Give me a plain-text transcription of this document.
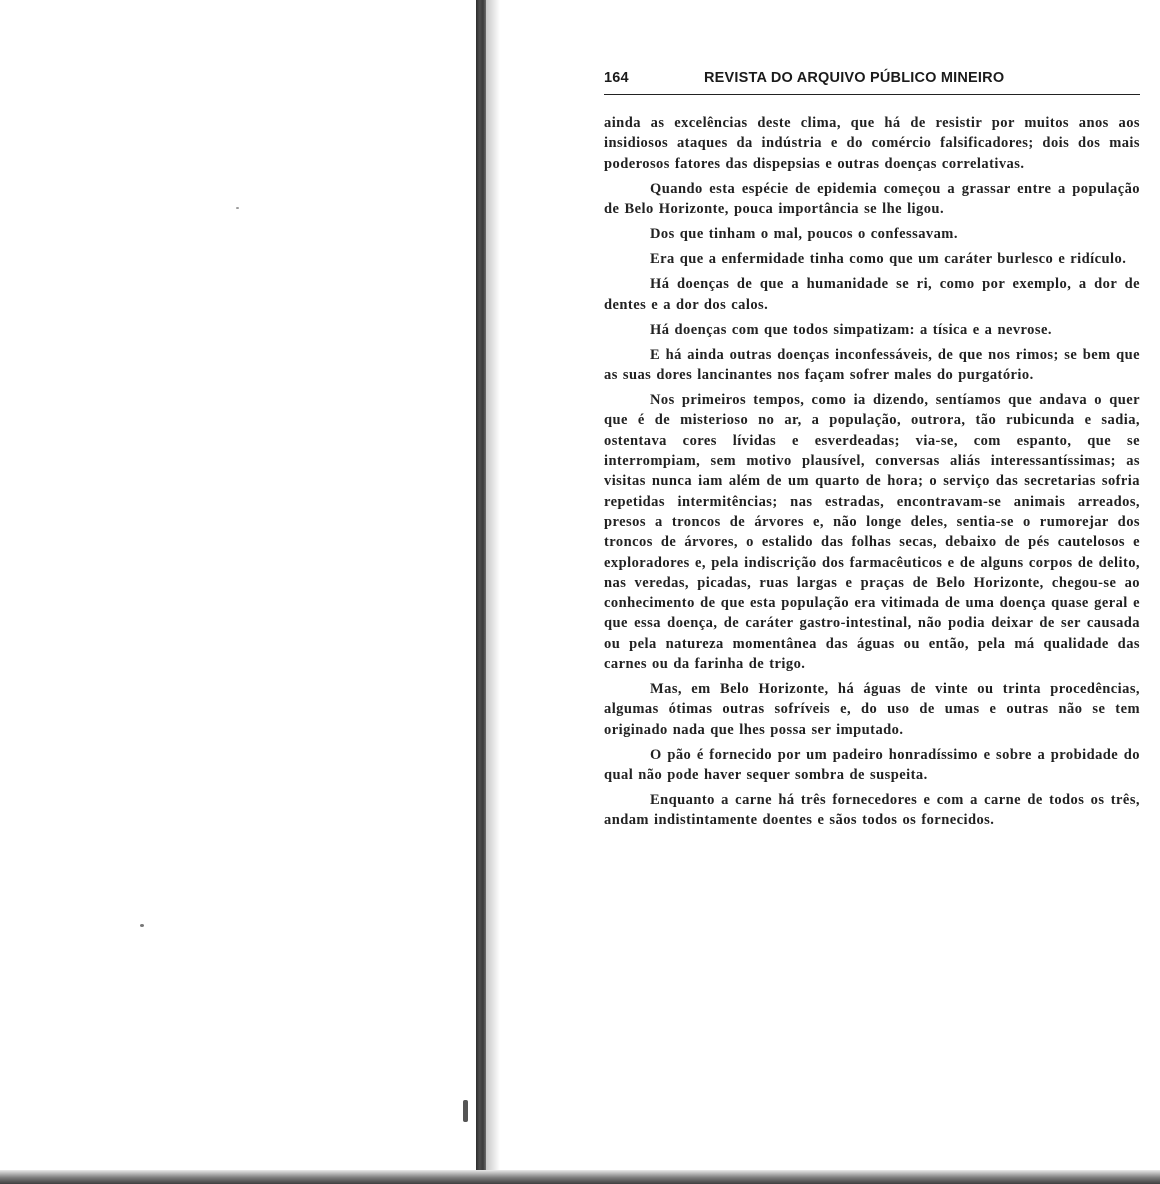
164	REVISTA DO ARQUIVO PÚBLICO MINEIRO

ainda as excelências deste clima, que há de resistir por muitos anos aos insidiosos ataques da indústria e do comércio falsificadores; dois dos mais poderosos fatores das dispepsias e outras doenças correlativas.

Quando esta espécie de epidemia começou a grassar entre a população de Belo Horizonte, pouca importância se lhe ligou.

Dos que tinham o mal, poucos o confessavam.

Era que a enfermidade tinha como que um caráter burlesco e ridículo.

Há doenças de que a humanidade se ri, como por exemplo, a dor de dentes e a dor dos calos.

Há doenças com que todos simpatizam: a tísica e a nevrose.

E há ainda outras doenças inconfessáveis, de que nos rimos; se bem que as suas dores lancinantes nos façam sofrer males do purgatório.

Nos primeiros tempos, como ia dizendo, sentíamos que andava o quer que é de misterioso no ar, a população, outrora, tão rubicunda e sadia, ostentava cores lívidas e esverdeadas; via-se, com espanto, que se interrompiam, sem motivo plausível, conversas aliás interessantíssimas; as visitas nunca iam além de um quarto de hora; o serviço das secretarias sofria repetidas intermitências; nas estradas, encontravam-se animais arreados, presos a troncos de árvores e, não longe deles, sentia-se o rumorejar dos troncos de árvores, o estalido das folhas secas, debaixo de pés cautelosos e exploradores e, pela indiscrição dos farmacêuticos e de alguns corpos de delito, nas veredas, picadas, ruas largas e praças de Belo Horizonte, chegou-se ao conhecimento de que esta população era vitimada de uma doença quase geral e que essa doença, de caráter gastro-intestinal, não podia deixar de ser causada ou pela natureza momentânea das águas ou então, pela má qualidade das carnes ou da farinha de trigo.

Mas, em Belo Horizonte, há águas de vinte ou trinta procedências, algumas ótimas outras sofríveis e, do uso de umas e outras não se tem originado nada que lhes possa ser imputado.

O pão é fornecido por um padeiro honradíssimo e sobre a probidade do qual não pode haver sequer sombra de suspeita.

Enquanto a carne há três fornecedores e com a carne de todos os três, andam indistintamente doentes e sãos todos os fornecidos.
